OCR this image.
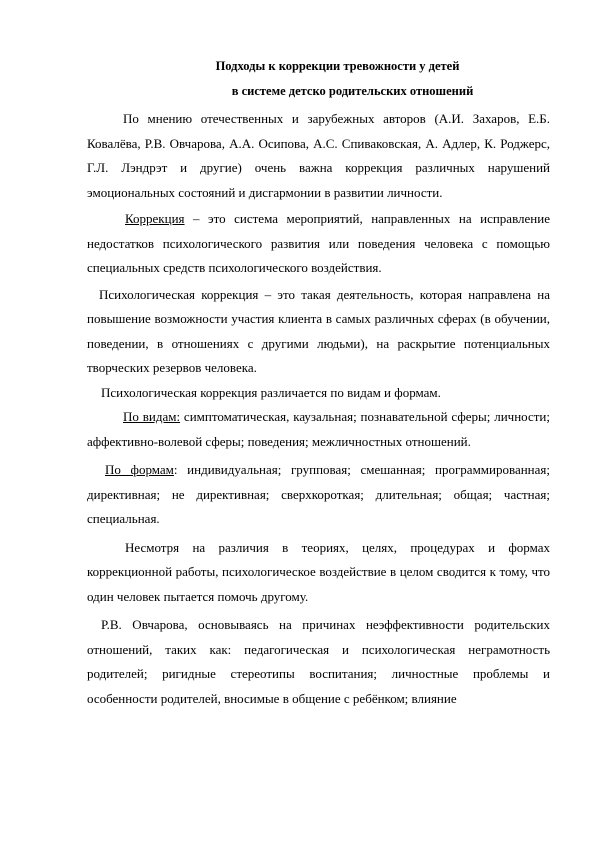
Подходы к коррекции тревожности у детей
в системе детско родительских отношений

По мнению отечественных и зарубежных авторов (А.И. Захаров, Е.Б. Ковалёва, Р.В. Овчарова, А.А. Осипова, А.С. Спиваковская, А. Адлер, К. Роджерс, Г.Л. Лэндрэт и другие) очень важна коррекция различных нарушений эмоциональных состояний и дисгармонии в развитии личности.

Коррекция – это система мероприятий, направленных на исправление недостатков психологического развития или поведения человека с помощью специальных средств психологического воздействия.

Психологическая коррекция – это такая деятельность, которая направлена на повышение возможности участия клиента в самых различных сферах (в обучении, поведении, в отношениях с другими людьми), на раскрытие потенциальных творческих резервов человека.

Психологическая коррекция различается по видам и формам.

По видам: симптоматическая, каузальная; познавательной сферы; личности; аффективно-волевой сферы; поведения; межличностных отношений.

По формам: индивидуальная; групповая; смешанная; программированная; директивная; не директивная; сверхкороткая; длительная; общая; частная; специальная.

Несмотря на различия в теориях, целях, процедурах и формах коррекционной работы, психологическое воздействие в целом сводится к тому, что один человек пытается помочь другому.

Р.В. Овчарова, основываясь на причинах неэффективности родительских отношений, таких как: педагогическая и психологическая неграмотность родителей; ригидные стереотипы воспитания; личностные проблемы и особенности родителей, вносимые в общение с ребёнком; влияние
